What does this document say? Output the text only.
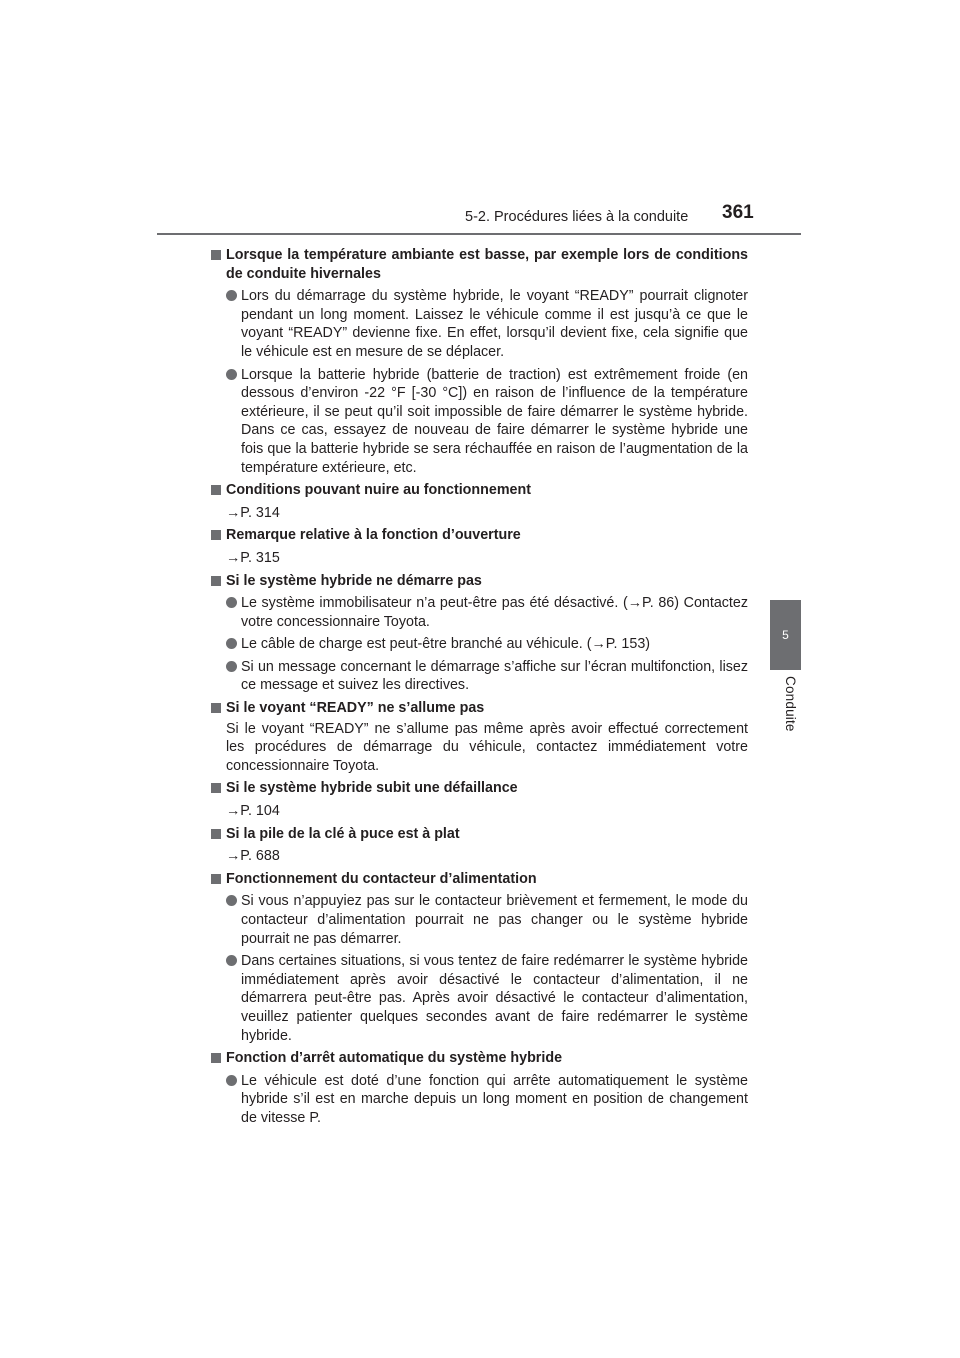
5-2. Procédures liées à la conduite 361
5
Conduite
Lorsque la température ambiante est basse, par exemple lors de conditions de conduite hivernales
Lors du démarrage du système hybride, le voyant “READY” pourrait clignoter pendant un long moment. Laissez le véhicule comme il est jusqu’à ce que le voyant “READY” devienne fixe. En effet, lorsqu’il devient fixe, cela signifie que le véhicule est en mesure de se déplacer.
Lorsque la batterie hybride (batterie de traction) est extrêmement froide (en dessous d’environ -22 °F [-30 °C]) en raison de l’influence de la température extérieure, il se peut qu’il soit impossible de faire démarrer le système hybride. Dans ce cas, essayez de nouveau de faire démarrer le système hybride une fois que la batterie hybride se sera réchauffée en raison de l’augmentation de la température extérieure, etc.
Conditions pouvant nuire au fonctionnement
→P. 314
Remarque relative à la fonction d’ouverture
→P. 315
Si le système hybride ne démarre pas
Le système immobilisateur n’a peut-être pas été désactivé. (→P. 86) Contactez votre concessionnaire Toyota.
Le câble de charge est peut-être branché au véhicule. (→P. 153)
Si un message concernant le démarrage s’affiche sur l’écran multifonction, lisez ce message et suivez les directives.
Si le voyant “READY” ne s’allume pas
Si le voyant “READY” ne s’allume pas même après avoir effectué correctement les procédures de démarrage du véhicule, contactez immédiatement votre concessionnaire Toyota.
Si le système hybride subit une défaillance
→P. 104
Si la pile de la clé à puce est à plat
→P. 688
Fonctionnement du contacteur d’alimentation
Si vous n’appuyiez pas sur le contacteur brièvement et fermement, le mode du contacteur d’alimentation pourrait ne pas changer ou le système hybride pourrait ne pas démarrer.
Dans certaines situations, si vous tentez de faire redémarrer le système hybride immédiatement après avoir désactivé le contacteur d’alimentation, il ne démarrera peut-être pas. Après avoir désactivé le contacteur d’alimentation, veuillez patienter quelques secondes avant de faire redémarrer le système hybride.
Fonction d’arrêt automatique du système hybride
Le véhicule est doté d’une fonction qui arrête automatiquement le système hybride s’il est en marche depuis un long moment en position de changement de vitesse P.
